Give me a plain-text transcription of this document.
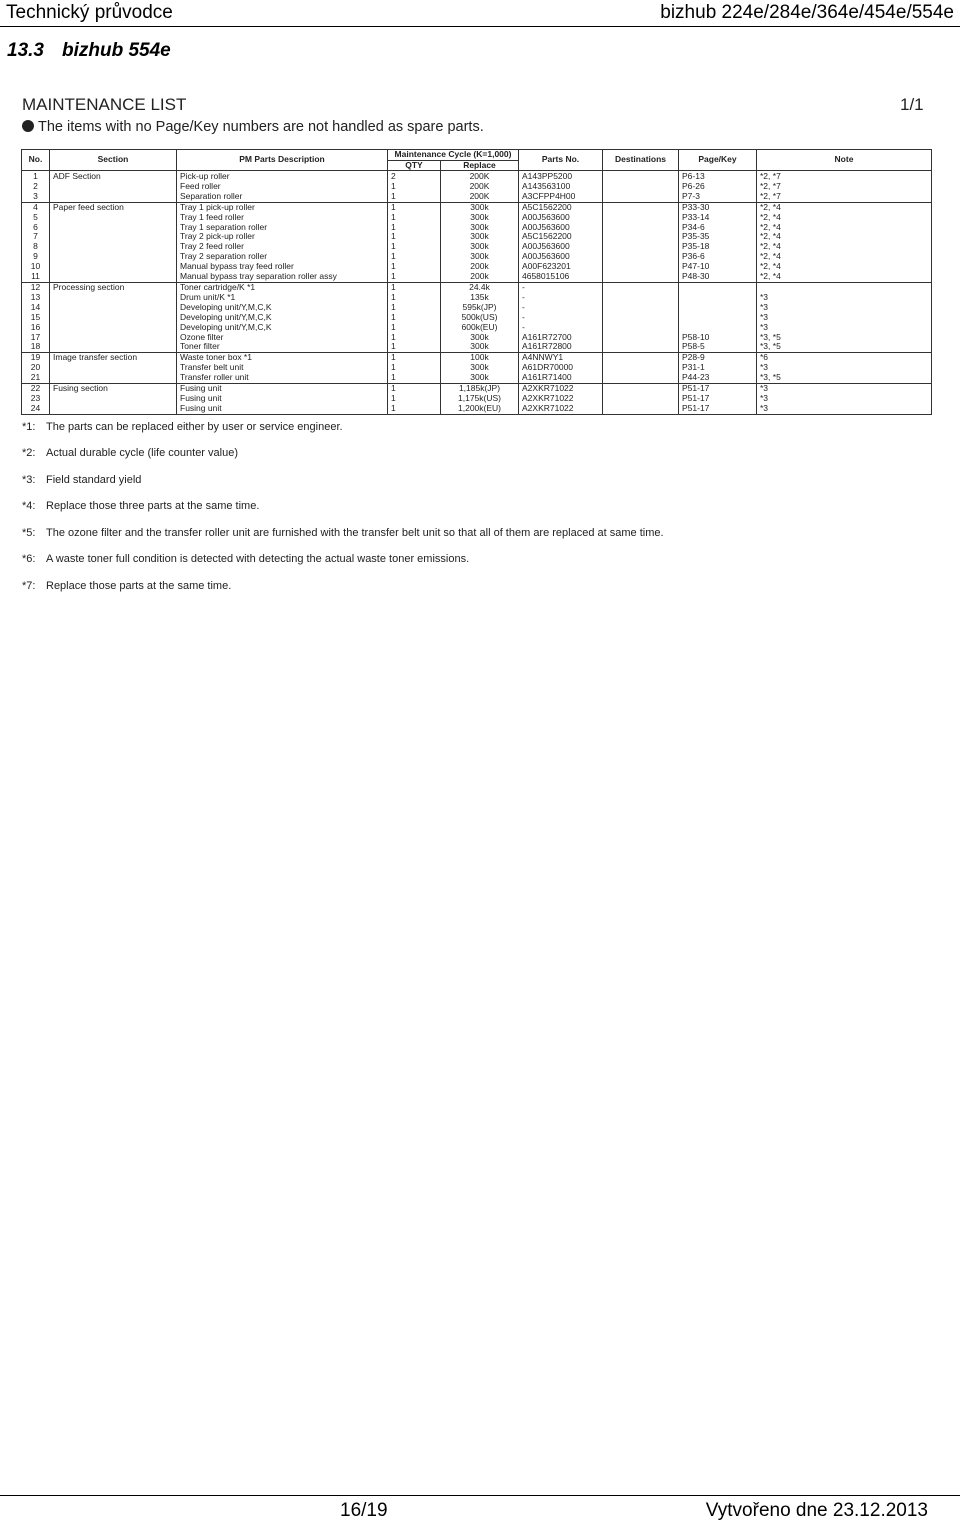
Technický průvodce	bizhub 224e/284e/364e/454e/554e
13.3 bizhub 554e
MAINTENANCE LIST	1/1
The items with no Page/Key numbers are not handled as spare parts.
No.	Section	PM Parts Description	Maintenance Cycle (K=1,000)		Parts No.	Destinations	Page/Key	Note
			QTY	Replace				
1	ADF Section	Pick-up roller	2	200K	A143PP5200		P6-13	*2, *7
2		Feed roller	1	200K	A143563100		P6-26	*2, *7
3		Separation roller	1	200K	A3CFPP4H00		P7-3	*2, *7
4	Paper feed section	Tray 1 pick-up roller	1	300k	A5C1562200		P33-30	*2, *4
5		Tray 1 feed roller	1	300k	A00J563600		P33-14	*2, *4
6		Tray 1 separation roller	1	300k	A00J563600		P34-6	*2, *4
7		Tray 2 pick-up roller	1	300k	A5C1562200		P35-35	*2, *4
8		Tray 2 feed roller	1	300k	A00J563600		P35-18	*2, *4
9		Tray 2 separation roller	1	300k	A00J563600		P36-6	*2, *4
10		Manual bypass tray feed roller	1	200k	A00F623201		P47-10	*2, *4
11		Manual bypass tray separation roller assy	1	200k	4658015106		P48-30	*2, *4
12	Processing section	Toner cartridge/K *1	1	24.4k	-			
13		Drum unit/K *1	1	135k	-			*3
14		Developing unit/Y,M,C,K	1	595k(JP)	-			*3
15		Developing unit/Y,M,C,K	1	500k(US)	-			*3
16		Developing unit/Y,M,C,K	1	600k(EU)	-			*3
17		Ozone filter	1	300k	A161R72700		P58-10	*3, *5
18		Toner filter	1	300k	A161R72800		P58-5	*3, *5
19	Image transfer section	Waste toner box *1	1	100k	A4NNWY1		P28-9	*6
20		Transfer belt unit	1	300k	A61DR70000		P31-1	*3
21		Transfer roller unit	1	300k	A161R71400		P44-23	*3, *5
22	Fusing section	Fusing unit	1	1,185k(JP)	A2XKR71022		P51-17	*3
23		Fusing unit	1	1,175k(US)	A2XKR71022		P51-17	*3
24		Fusing unit	1	1,200k(EU)	A2XKR71022		P51-17	*3
*1: The parts can be replaced either by user or service engineer.
*2: Actual durable cycle (life counter value)
*3: Field standard yield
*4: Replace those three parts at the same time.
*5: The ozone filter and the transfer roller unit are furnished with the transfer belt unit so that all of them are replaced at same time.
*6: A waste toner full condition is detected with detecting the actual waste toner emissions.
*7: Replace those parts at the same time.
16/19	Vytvořeno dne 23.12.2013
